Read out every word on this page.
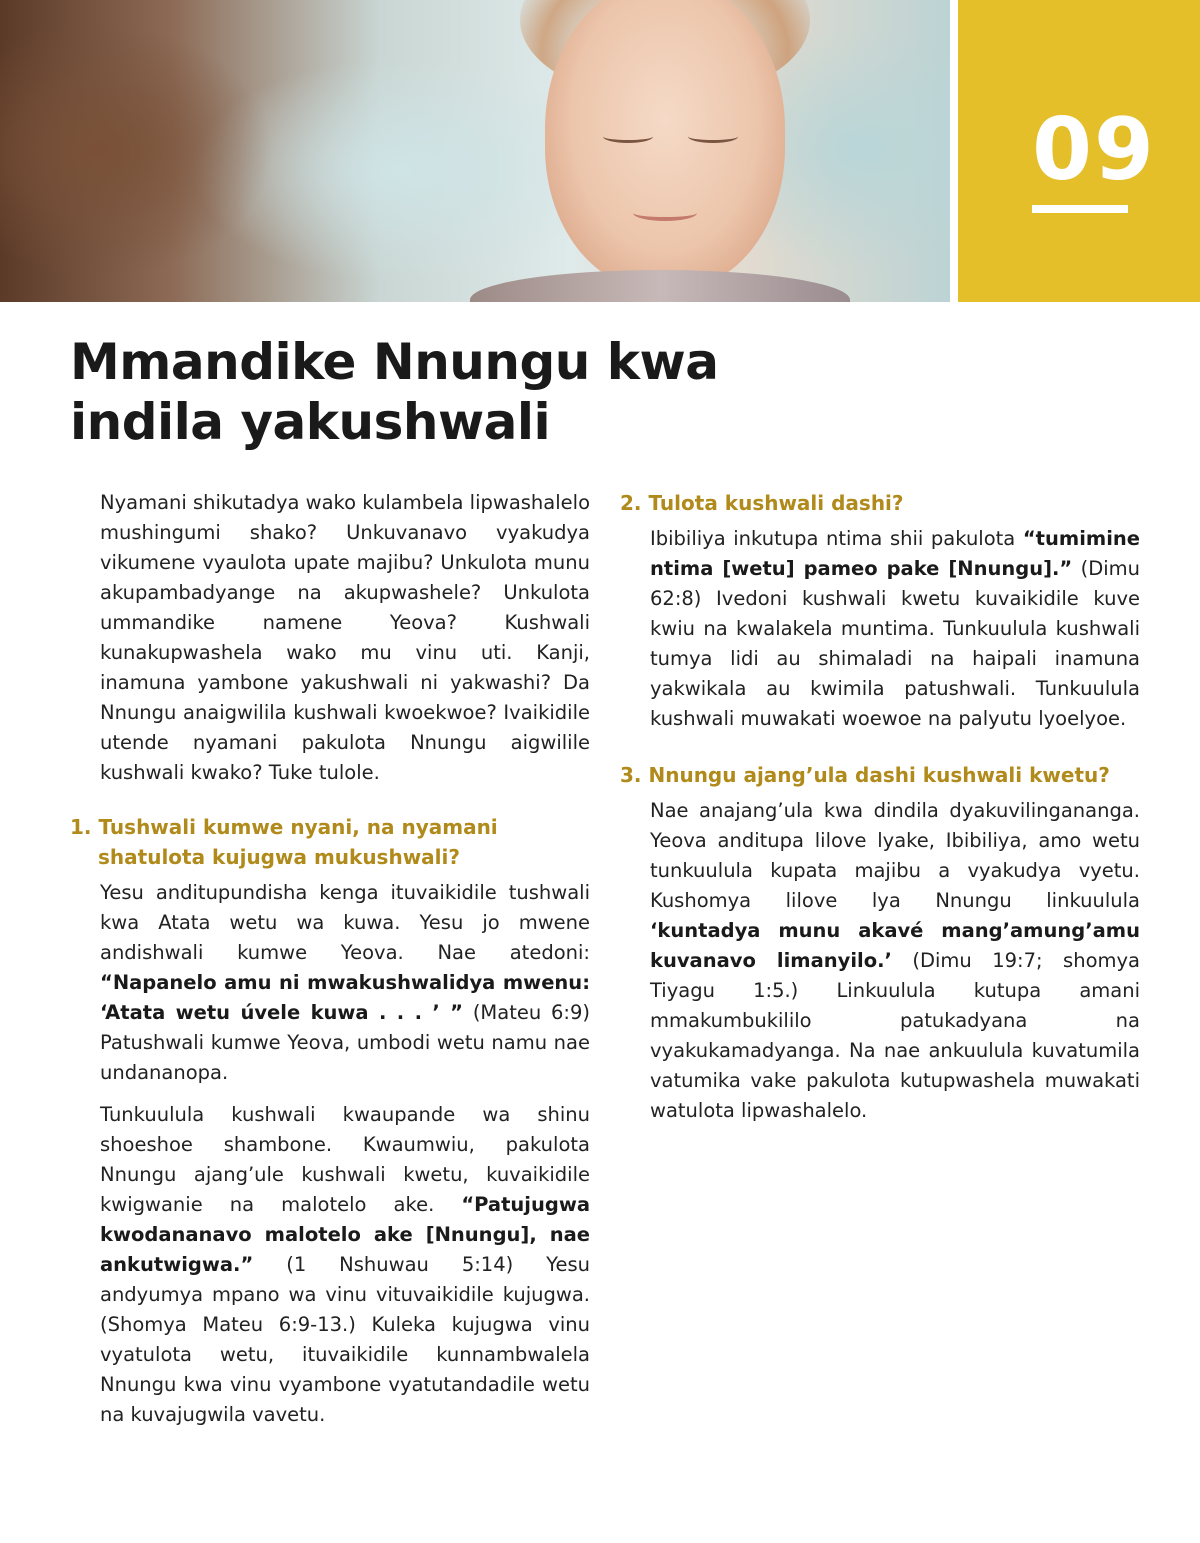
09
Mmandike Nnungu kwa
indila yakushwali

Nyamani shikutadya wako kulambela lipwashalelo mushingumi shako? Unkuvanavo vyakudya vikumene vyaulota upate majibu? Unkulota munu akupambadyange na akupwashele? Unkulota ummandike namene Yeova? Kushwali kunakupwashela wako mu vinu uti. Kanji, inamuna yambone yakushwali ni yakwashi? Da Nnungu anaigwilila kushwali kwoekwoe? Ivaikidile utende nyamani pakulota Nnungu aigwilile kushwali kwako? Tuke tulole.

1. Tushwali kumwe nyani, na nyamani shatulota kujugwa mukushwali?

Yesu anditupundisha kenga ituvaikidile tushwali kwa Atata wetu wa kuwa. Yesu jo mwene andishwali kumwe Yeova. Nae atedoni: “Napanelo amu ni mwakushwalidya mwenu: ‘Atata wetu úvele kuwa . . . ’ ” (Mateu 6:9) Patushwali kumwe Yeova, umbodi wetu namu nae undananopa.

Tunkuulula kushwali kwaupande wa shinu shoeshoe shambone. Kwaumwiu, pakulota Nnungu ajang’ule kushwali kwetu, kuvaikidile kwigwanie na malotelo ake. “Patujugwa kwodananavo malotelo ake [Nnungu], nae ankutwigwa.” (1 Nshuwau 5:14) Yesu andyumya mpano wa vinu vituvaikidile kujugwa. (Shomya Mateu 6:9-13.) Kuleka kujugwa vinu vyatulota wetu, ituvaikidile kunnambwalela Nnungu kwa vinu vyambone vyatutandadile wetu na kuvajugwila vavetu.

2. Tulota kushwali dashi?

Ibibiliya inkutupa ntima shii pakulota “tumimine ntima [wetu] pameo pake [Nnungu].” (Dimu 62:8) Ivedoni kushwali kwetu kuvaikidile kuve kwiu na kwalakela muntima. Tunkuulula kushwali tumya lidi au shimaladi na haipali inamuna yakwikala au kwimila patushwali. Tunkuulula kushwali muwakati woewoe na palyutu lyoelyoe.

3. Nnungu ajang’ula dashi kushwali kwetu?

Nae anajang’ula kwa dindila dyakuvilingananga. Yeova anditupa lilove lyake, Ibibiliya, amo wetu tunkuulula kupata majibu a vyakudya vyetu. Kushomya lilove lya Nnungu linkuulula ‘kuntadya munu akavé mang’amung’amu kuvanavo limanyilo.’ (Dimu 19:7; shomya Tiyagu 1:5.) Linkuulula kutupa amani mmakumbukililo patukadyana na vyakukamadyanga. Na nae ankuulula kuvatumila vatumika vake pakulota kutupwashela muwakati watulota lipwashalelo.
